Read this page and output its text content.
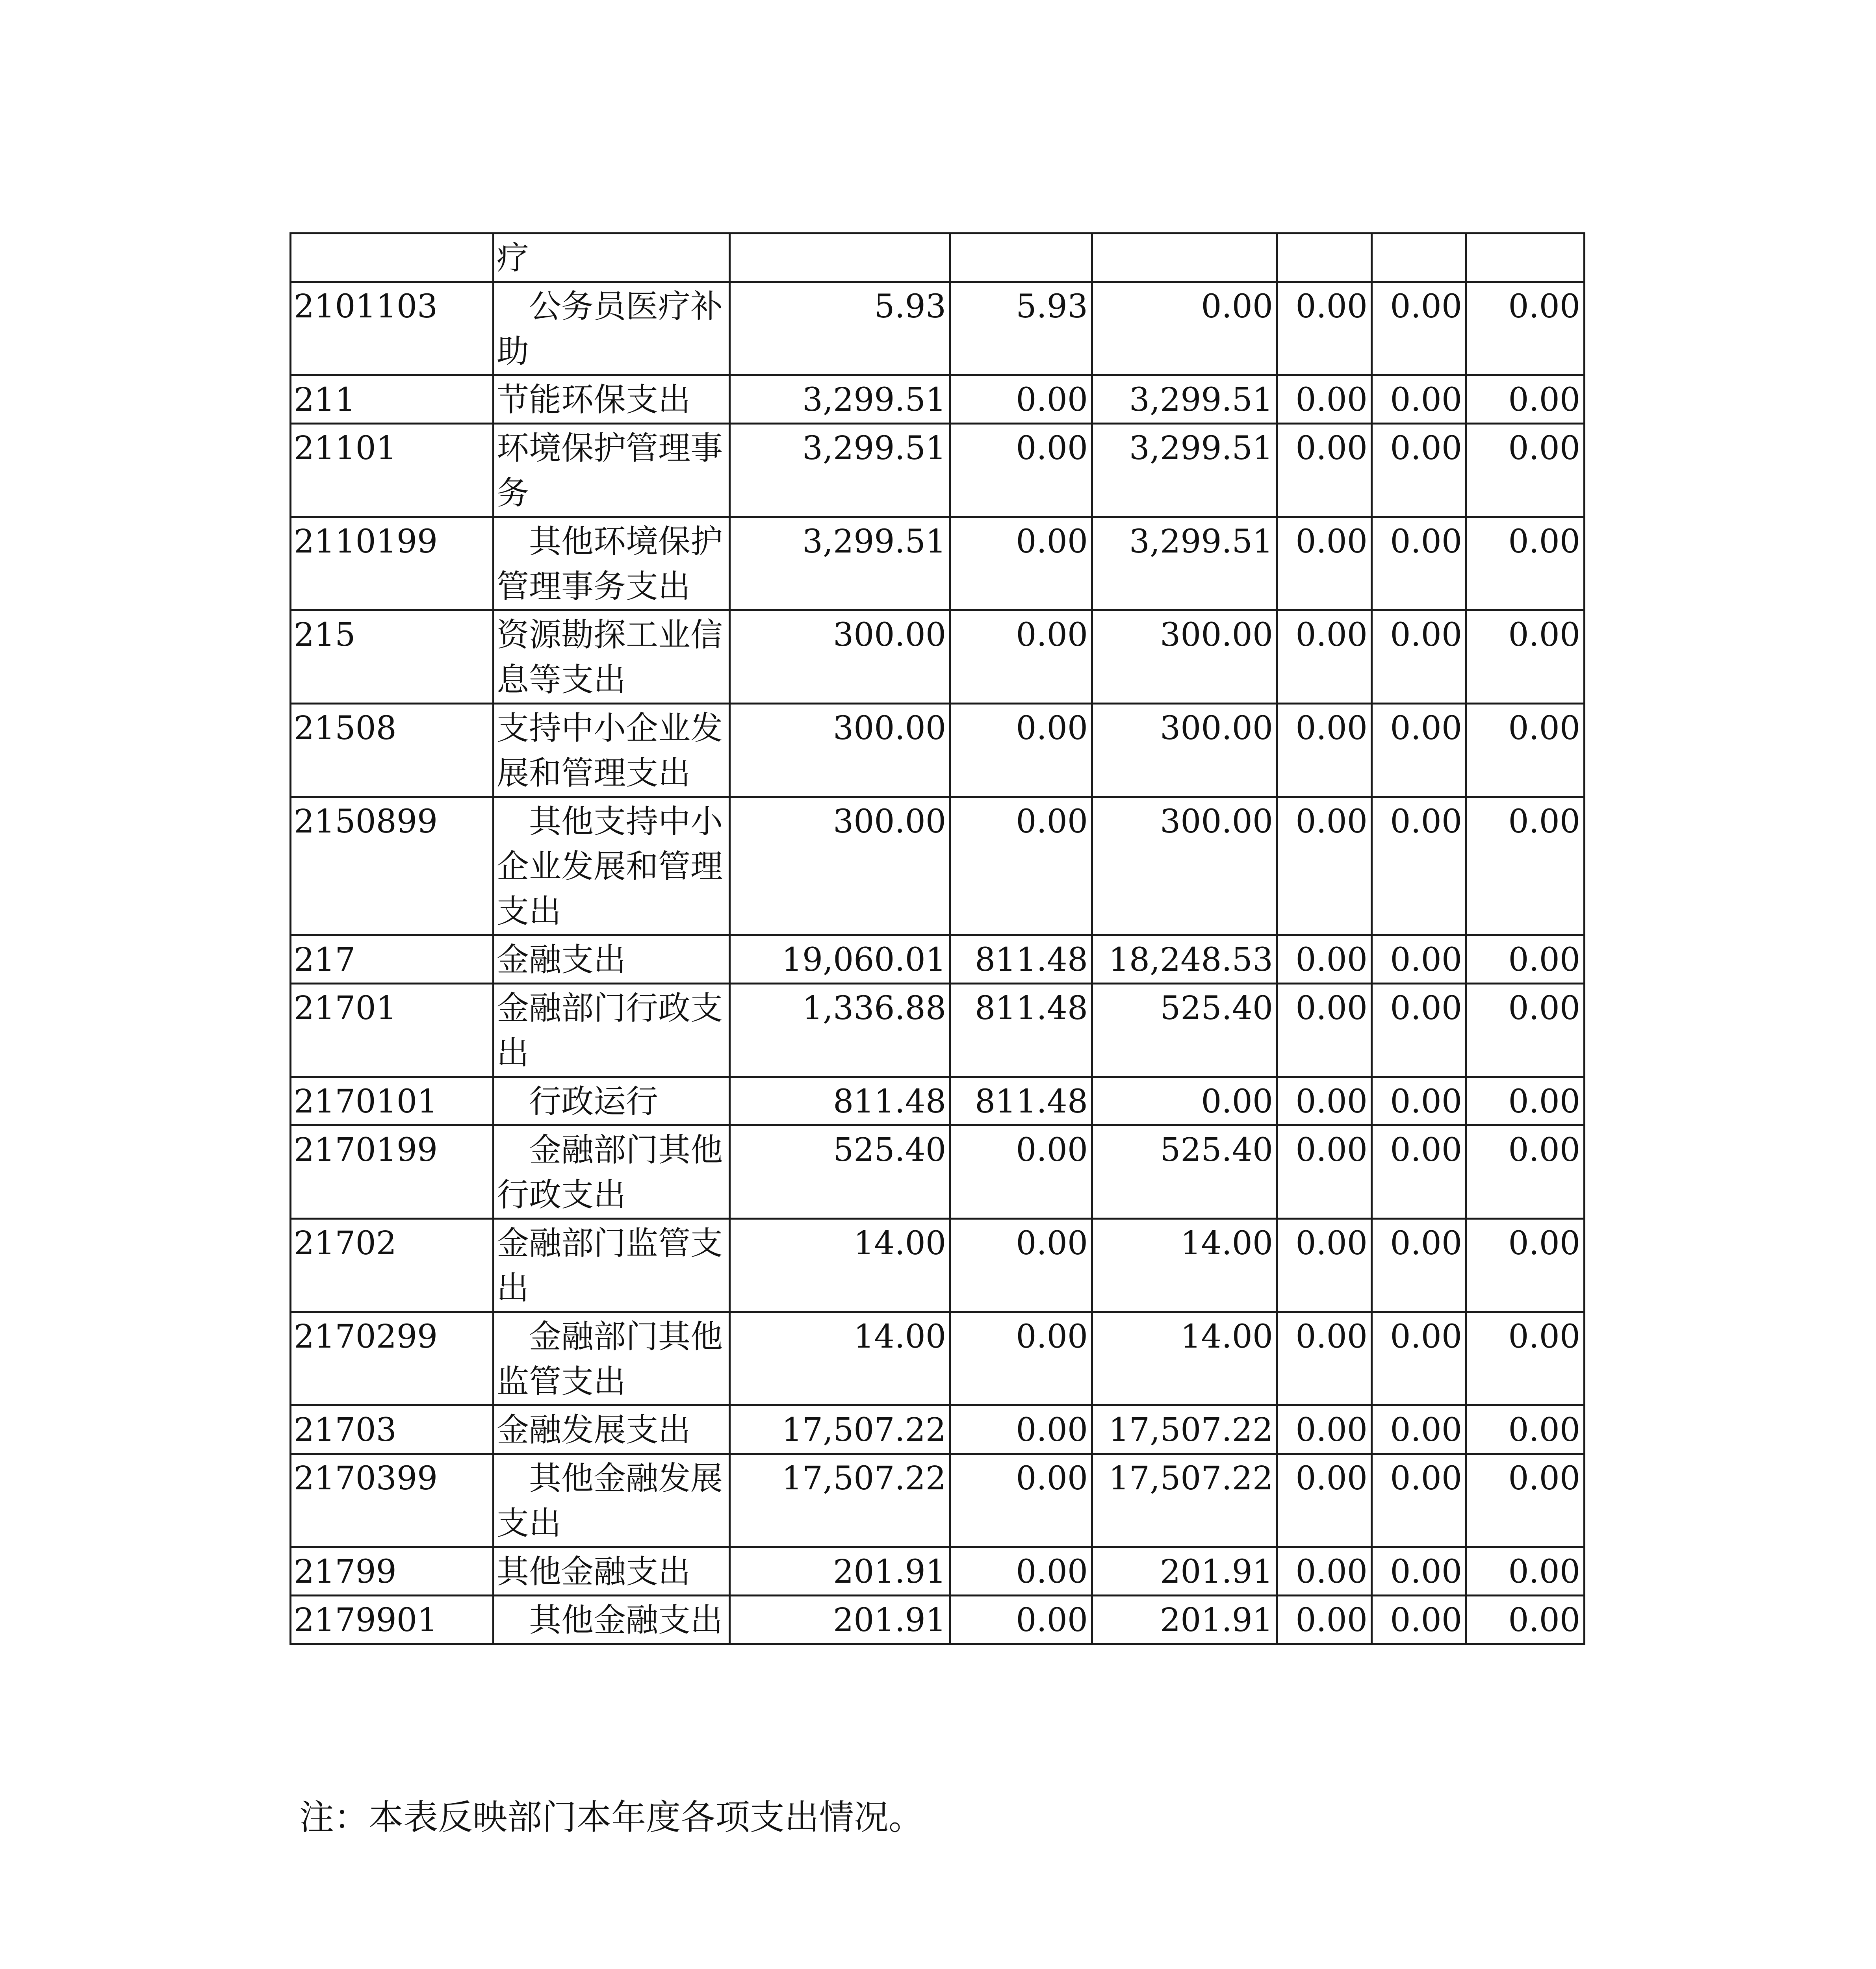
	疗						
2101103	公务员医疗补助	5.93	5.93	0.00	0.00	0.00	0.00
211	节能环保支出	3,299.51	0.00	3,299.51	0.00	0.00	0.00
21101	环境保护管理事务	3,299.51	0.00	3,299.51	0.00	0.00	0.00
2110199	其他环境保护管理事务支出	3,299.51	0.00	3,299.51	0.00	0.00	0.00
215	资源勘探工业信息等支出	300.00	0.00	300.00	0.00	0.00	0.00
21508	支持中小企业发展和管理支出	300.00	0.00	300.00	0.00	0.00	0.00
2150899	其他支持中小企业发展和管理支出	300.00	0.00	300.00	0.00	0.00	0.00
217	金融支出	19,060.01	811.48	18,248.53	0.00	0.00	0.00
21701	金融部门行政支出	1,336.88	811.48	525.40	0.00	0.00	0.00
2170101	行政运行	811.48	811.48	0.00	0.00	0.00	0.00
2170199	金融部门其他行政支出	525.40	0.00	525.40	0.00	0.00	0.00
21702	金融部门监管支出	14.00	0.00	14.00	0.00	0.00	0.00
2170299	金融部门其他监管支出	14.00	0.00	14.00	0.00	0.00	0.00
21703	金融发展支出	17,507.22	0.00	17,507.22	0.00	0.00	0.00
2170399	其他金融发展支出	17,507.22	0.00	17,507.22	0.00	0.00	0.00
21799	其他金融支出	201.91	0.00	201.91	0.00	0.00	0.00
2179901	其他金融支出	201.91	0.00	201.91	0.00	0.00	0.00
注：本表反映部门本年度各项支出情况。
